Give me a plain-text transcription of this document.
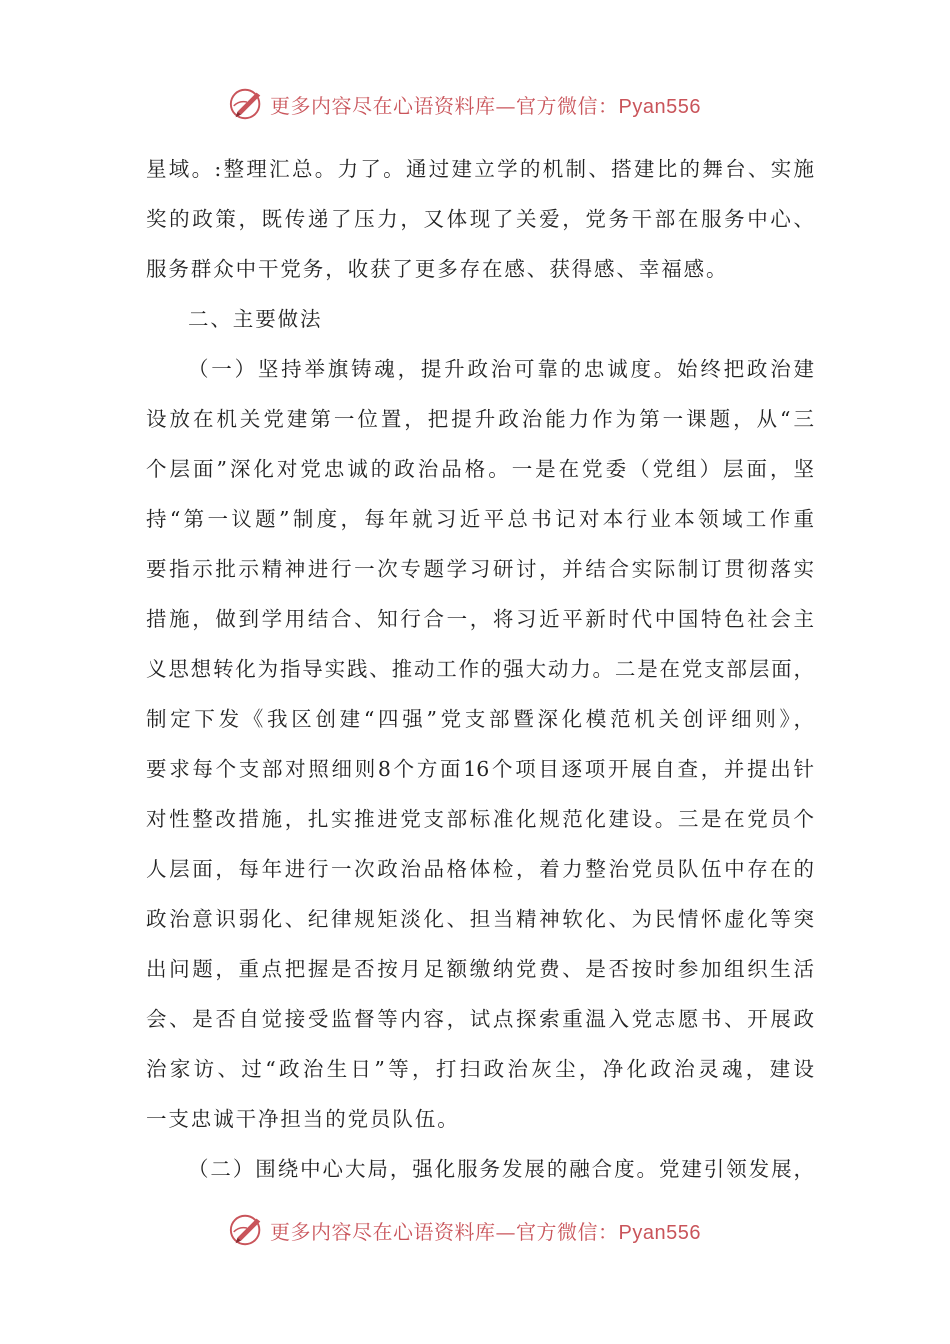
更多内容尽在心语资料库—官方微信：Pyan556
星域。:整理汇总。力了。通过建立学的机制、搭建比的舞台、实施
奖的政策，既传递了压力，又体现了关爱，党务干部在服务中心、
服务群众中干党务，收获了更多存在感、获得感、幸福感。
二、主要做法
（一）坚持举旗铸魂，提升政治可靠的忠诚度。始终把政治建
设放在机关党建第一位置，把提升政治能力作为第一课题，从“三
个层面”深化对党忠诚的政治品格。一是在党委（党组）层面，坚
持“第一议题”制度，每年就习近平总书记对本行业本领域工作重
要指示批示精神进行一次专题学习研讨，并结合实际制订贯彻落实
措施，做到学用结合、知行合一，将习近平新时代中国特色社会主
义思想转化为指导实践、推动工作的强大动力。二是在党支部层面，
制定下发《我区创建“四强”党支部暨深化模范机关创评细则》，
要求每个支部对照细则8个方面16个项目逐项开展自查，并提出针
对性整改措施，扎实推进党支部标准化规范化建设。三是在党员个
人层面，每年进行一次政治品格体检，着力整治党员队伍中存在的
政治意识弱化、纪律规矩淡化、担当精神软化、为民情怀虚化等突
出问题，重点把握是否按月足额缴纳党费、是否按时参加组织生活
会、是否自觉接受监督等内容，试点探索重温入党志愿书、开展政
治家访、过“政治生日”等，打扫政治灰尘，净化政治灵魂，建设
一支忠诚干净担当的党员队伍。
（二）围绕中心大局，强化服务发展的融合度。党建引领发展，
更多内容尽在心语资料库—官方微信：Pyan556
